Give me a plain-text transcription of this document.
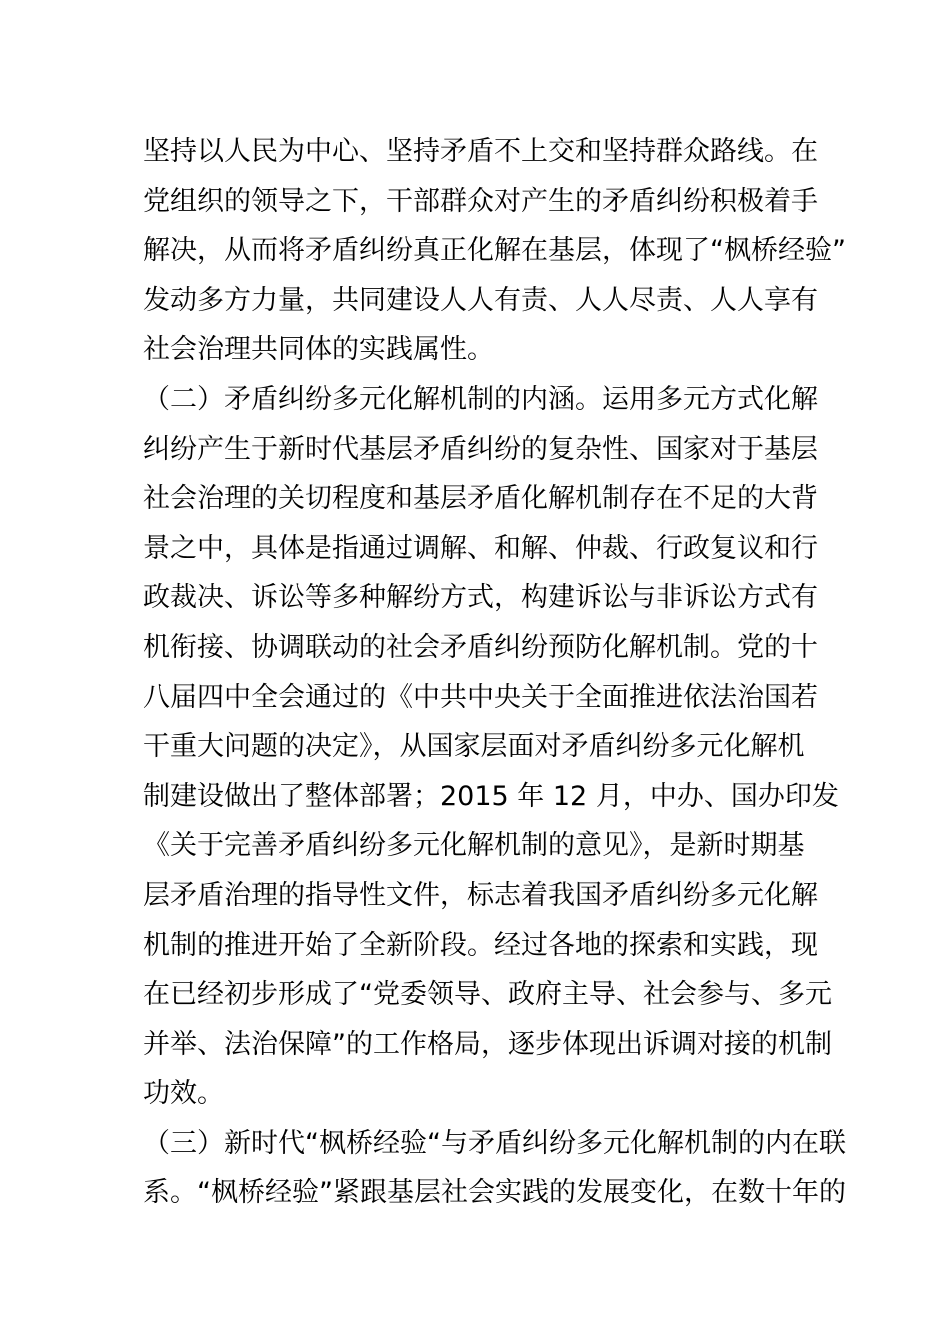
坚持以人民为中心、坚持矛盾不上交和坚持群众路线。在
党组织的领导之下，干部群众对产生的矛盾纠纷积极着手
解决，从而将矛盾纠纷真正化解在基层，体现了“枫桥经验”
发动多方力量，共同建设人人有责、人人尽责、人人享有
社会治理共同体的实践属性。
（二）矛盾纠纷多元化解机制的内涵。运用多元方式化解
纠纷产生于新时代基层矛盾纠纷的复杂性、国家对于基层
社会治理的关切程度和基层矛盾化解机制存在不足的大背
景之中，具体是指通过调解、和解、仲裁、行政复议和行
政裁决、诉讼等多种解纷方式，构建诉讼与非诉讼方式有
机衔接、协调联动的社会矛盾纠纷预防化解机制。党的十
八届四中全会通过的《中共中央关于全面推进依法治国若
干重大问题的决定》，从国家层面对矛盾纠纷多元化解机
制建设做出了整体部署；2015 年 12 月，中办、国办印发
《关于完善矛盾纠纷多元化解机制的意见》，是新时期基
层矛盾治理的指导性文件，标志着我国矛盾纠纷多元化解
机制的推进开始了全新阶段。经过各地的探索和实践，现
在已经初步形成了“党委领导、政府主导、社会参与、多元
并举、法治保障”的工作格局，逐步体现出诉调对接的机制
功效。
（三）新时代“枫桥经验“与矛盾纠纷多元化解机制的内在联
系。“枫桥经验”紧跟基层社会实践的发展变化，在数十年的
